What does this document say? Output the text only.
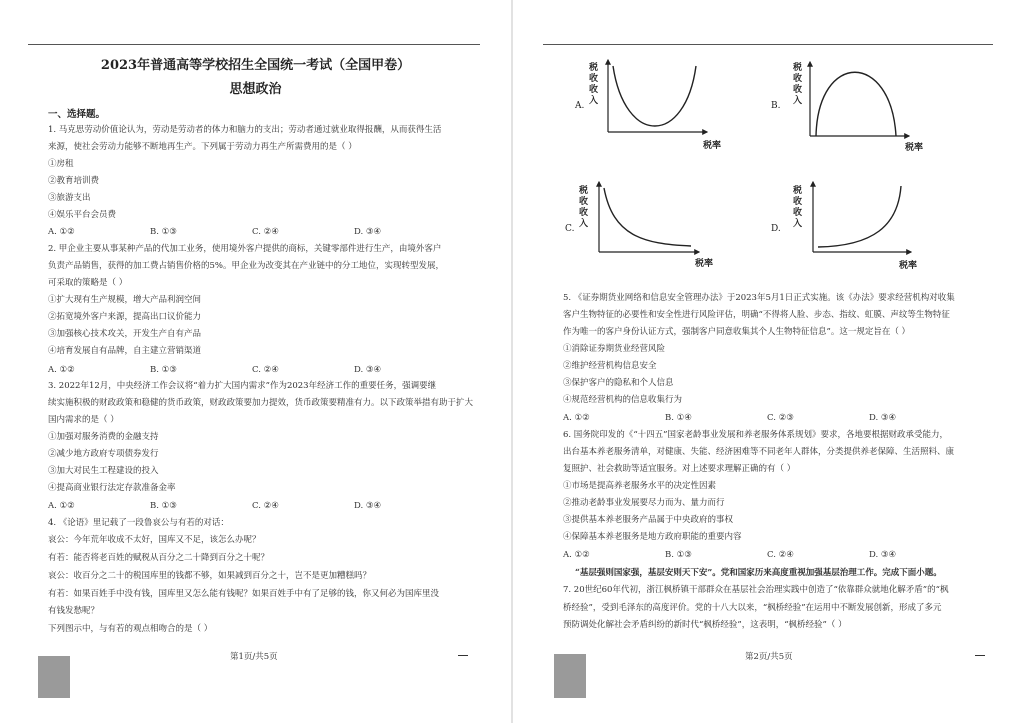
2023年普通高等学校招生全国统一考试（全国甲卷）
思想政治
一、选择题。
1. 马克思劳动价值论认为，劳动是劳动者的体力和脑力的支出；劳动者通过就业取得报酬，从而获得生活
来源，使社会劳动力能够不断地再生产。下列属于劳动力再生产所需费用的是（ ）
①房租
②教育培训费
③旅游支出
④娱乐平台会员费
A. ①②	B. ①③	C. ②④	D. ③④
2. 甲企业主要从事某种产品的代加工业务，使用境外客户提供的商标，关键零部件进行生产，由境外客户
负责产品销售，获得的加工费占销售价格的5%。甲企业为改变其在产业链中的分工地位，实现转型发展，
可采取的策略是（ ）
①扩大现有生产规模，增大产品利润空间
②拓宽境外客户来源，提高出口议价能力
③加强核心技术攻关，开发生产自有产品
④培育发展自有品牌，自主建立营销渠道
A. ①②	B. ①③	C. ②④	D. ③④
3. 2022年12月，中央经济工作会议将“着力扩大国内需求”作为2023年经济工作的重要任务，强调要继
续实施积极的财政政策和稳健的货币政策，财政政策要加力提效，货币政策要精准有力。以下政策举措有助于扩大
国内需求的是（ ）
①加强对服务消费的金融支持
②减少地方政府专项债券发行
③加大对民生工程建设的投入
④提高商业银行法定存款准备金率
A. ①②	B. ①③	C. ②④	D. ③④
4. 《论语》里记载了一段鲁哀公与有若的对话：
哀公：今年荒年收成不太好，国库又不足，该怎么办呢？
有若：能否将老百姓的赋税从百分之二十降到百分之十呢？
哀公：收百分之二十的税国库里的钱都不够，如果减到百分之十，岂不是更加糟糕吗？
有若：如果百姓手中没有钱，国库里又怎么能有钱呢？如果百姓手中有了足够的钱，你又何必为国库里没
有钱发愁呢？
下列图示中，与有若的观点相吻合的是（ ）
第1页/共5页
A.
税
收
收
入
税率
B.
税
收
收
入
税率
C.
税
收
收
入
税率
D.
税
收
收
入
税率
5. 《证券期货业网络和信息安全管理办法》于2023年5月1日正式实施。该《办法》要求经营机构对收集
客户生物特征的必要性和安全性进行风险评估，明确“不得将人脸、步态、指纹、虹膜、声纹等生物特征
作为唯一的客户身份认证方式，强制客户同意收集其个人生物特征信息”。这一规定旨在（ ）
①消除证券期货业经营风险
②维护经营机构信息安全
③保护客户的隐私和个人信息
④规范经营机构的信息收集行为
A. ①②	B. ①④	C. ②③	D. ③④
6. 国务院印发的《“十四五”国家老龄事业发展和养老服务体系规划》要求，各地要根据财政承受能力，
出台基本养老服务清单，对健康、失能、经济困难等不同老年人群体，分类提供养老保障、生活照料、康
复照护、社会救助等适宜服务。对上述要求理解正确的有（ ）
①市场是提高养老服务水平的决定性因素
②推动老龄事业发展要尽力而为、量力而行
③提供基本养老服务产品属于中央政府的事权
④保障基本养老服务是地方政府职能的重要内容
A. ①②	B. ①③	C. ②④	D. ③④
“基层强则国家强，基层安则天下安”。党和国家历来高度重视加强基层治理工作。完成下面小题。
7. 20世纪60年代初，浙江枫桥镇干部群众在基层社会治理实践中创造了“依靠群众就地化解矛盾”的“枫
桥经验”，受到毛泽东的高度评价。党的十八大以来，“枫桥经验”在运用中不断发展创新，形成了多元
预防调处化解社会矛盾纠纷的新时代“枫桥经验”，这表明，“枫桥经验”（ ）
第2页/共5页
